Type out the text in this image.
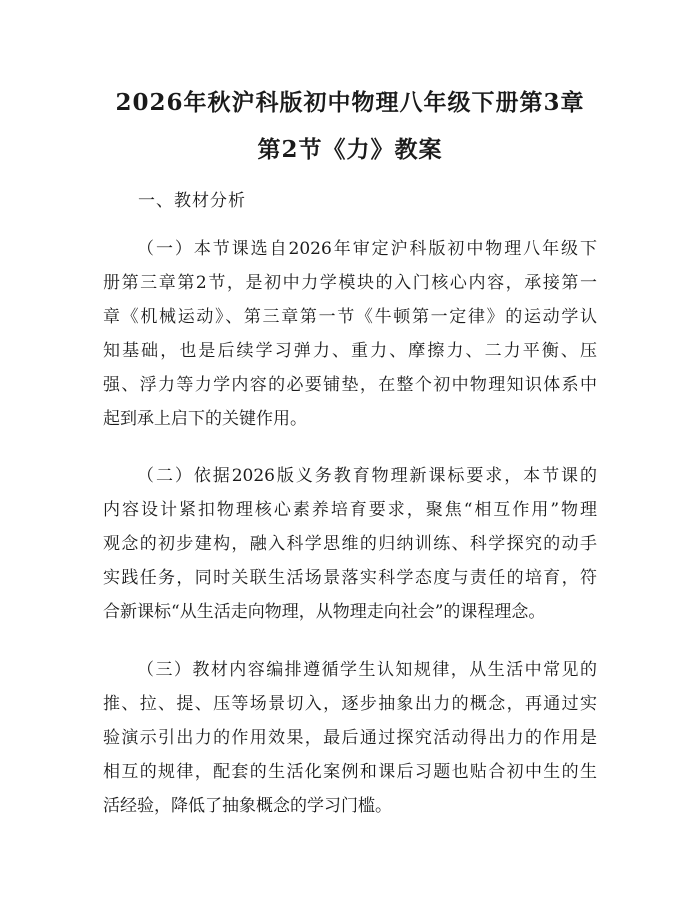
2026年秋沪科版初中物理八年级下册第3章
第2节《力》教案
一、教材分析
（一）本节课选自2026年审定沪科版初中物理八年级下
册第三章第2节，是初中力学模块的入门核心内容，承接第一
章《机械运动》、第三章第一节《牛顿第一定律》的运动学认
知基础，也是后续学习弹力、重力、摩擦力、二力平衡、压
强、浮力等力学内容的必要铺垫，在整个初中物理知识体系中
起到承上启下的关键作用。
（二）依据2026版义务教育物理新课标要求，本节课的
内容设计紧扣物理核心素养培育要求，聚焦“相互作用”物理
观念的初步建构，融入科学思维的归纳训练、科学探究的动手
实践任务，同时关联生活场景落实科学态度与责任的培育，符
合新课标“从生活走向物理，从物理走向社会”的课程理念。
（三）教材内容编排遵循学生认知规律，从生活中常见的
推、拉、提、压等场景切入，逐步抽象出力的概念，再通过实
验演示引出力的作用效果，最后通过探究活动得出力的作用是
相互的规律，配套的生活化案例和课后习题也贴合初中生的生
活经验，降低了抽象概念的学习门槛。
